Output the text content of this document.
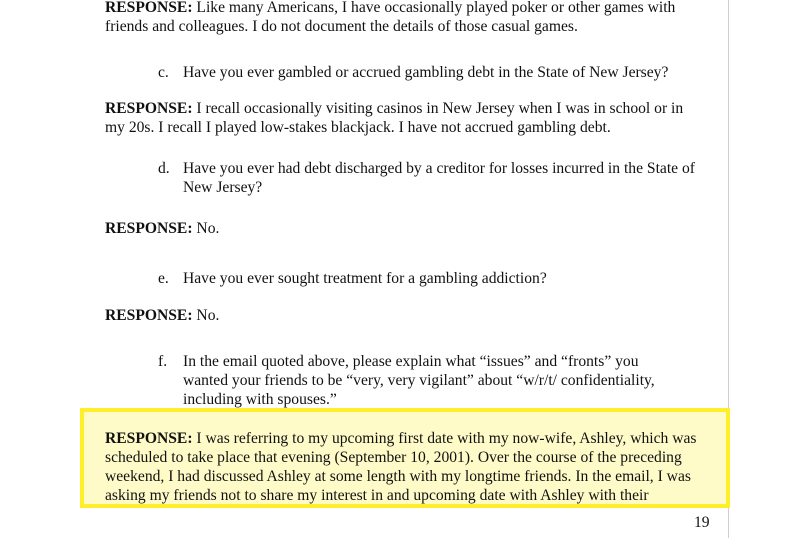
RESPONSE: Like many Americans, I have occasionally played poker or other games with friends and colleagues. I do not document the details of those casual games.

c. Have you ever gambled or accrued gambling debt in the State of New Jersey?

RESPONSE: I recall occasionally visiting casinos in New Jersey when I was in school or in my 20s. I recall I played low-stakes blackjack. I have not accrued gambling debt.

d. Have you ever had debt discharged by a creditor for losses incurred in the State of New Jersey?

RESPONSE: No.

e. Have you ever sought treatment for a gambling addiction?

RESPONSE: No.

f. In the email quoted above, please explain what “issues” and “fronts” you wanted your friends to be “very, very vigilant” about “w/r/t/ confidentiality, including with spouses.”

RESPONSE: I was referring to my upcoming first date with my now-wife, Ashley, which was scheduled to take place that evening (September 10, 2001). Over the course of the preceding weekend, I had discussed Ashley at some length with my longtime friends. In the email, I was asking my friends not to share my interest in and upcoming date with Ashley with their

19
